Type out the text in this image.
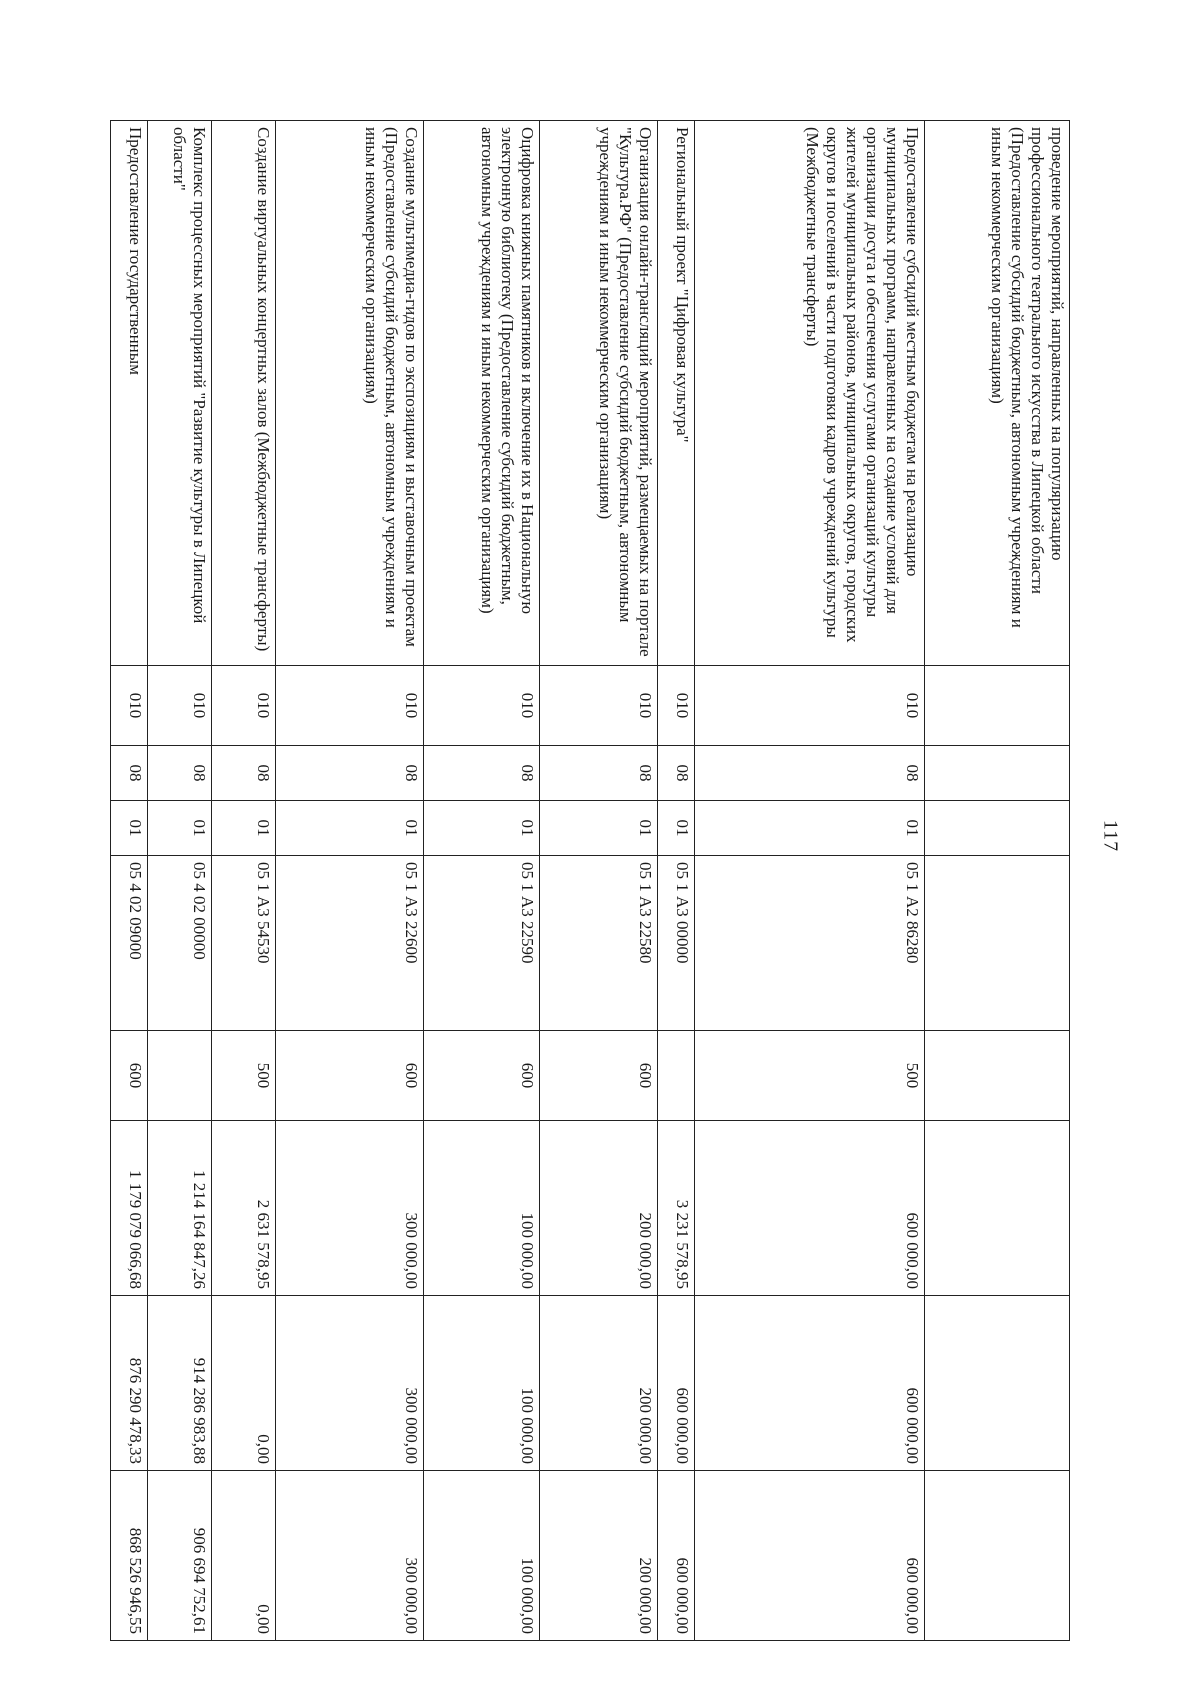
117
проведение мероприятий, направленных на популяризацию профессионального театрального искусства в Липецкой области (Предоставление субсидий бюджетным, автономным учреждениям и иным некоммерческим организациям)								
Предоставление субсидий местным бюджетам на реализацию муниципальных программ, направленных на создание условий для организации досуга и обеспечения услугами организаций культуры жителей муниципальных районов, муниципальных округов, городских округов и поселений в части подготовки кадров учреждений культуры (Межбюджетные трансферты)	010	08	01	05 1 А2 86280	500	600 000,00	600 000,00	600 000,00
Региональный проект "Цифровая культура"	010	08	01	05 1 А3 00000		3 231 578,95	600 000,00	600 000,00
Организация онлайн-трансляций мероприятий, размещаемых на портале "Культура.РФ" (Предоставление субсидий бюджетным, автономным учреждениям и иным некоммерческим организациям)	010	08	01	05 1 А3 22580	600	200 000,00	200 000,00	200 000,00
Оцифровка книжных памятников и включение их в Национальную электронную библиотеку (Предоставление субсидий бюджетным, автономным учреждениям и иным некоммерческим организациям)	010	08	01	05 1 А3 22590	600	100 000,00	100 000,00	100 000,00
Создание мультимедиа-гидов по экспозициям и выставочным проектам (Предоставление субсидий бюджетным, автономным учреждениям и иным некоммерческим организациям)	010	08	01	05 1 А3 22600	600	300 000,00	300 000,00	300 000,00
Создание виртуальных концертных залов (Межбюджетные трансферты)	010	08	01	05 1 А3 54530	500	2 631 578,95	0,00	0,00
Комплекс процессных мероприятий "Развитие культуры в Липецкой области"	010	08	01	05 4 02 00000		1 214 164 847,26	914 286 983,88	906 694 752,61
Предоставление государственным	010	08	01	05 4 02 09000	600	1 179 079 066,68	876 290 478,33	868 526 946,55
